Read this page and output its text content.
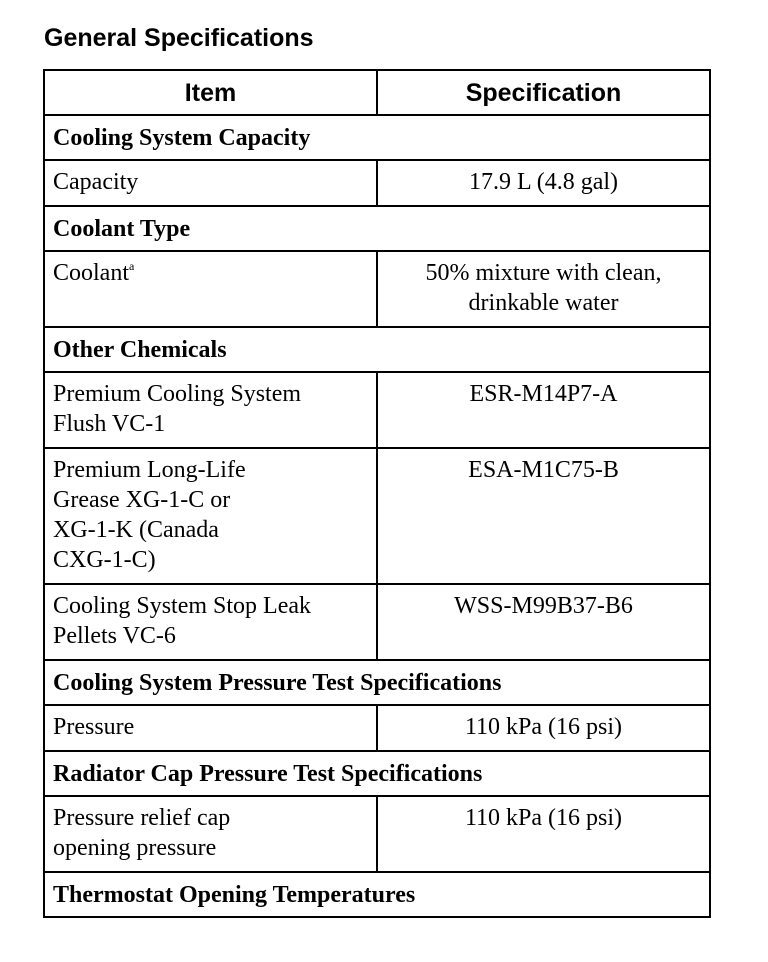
General Specifications
Item	Specification
Cooling System Capacity	
Capacity	17.9 L (4.8 gal)
Coolant Type	
Coolant$^a$	50% mixture with clean,
drinkable water

Other Chemicals	

Premium Cooling System
Flush VC-1	ESR-M14P7-A

Premium Long-Life
Grease XG-1-C or
XG-1-K (Canada
CXG-1-C)	ESA-M1C75-B

Cooling System Stop Leak
Pellets VC-6	WSS-M99B37-B6
Cooling System Pressure Test Specifications	
Pressure	110 kPa (16 psi)
Radiator Cap Pressure Test Specifications	

Pressure relief cap
opening pressure	110 kPa (16 psi)
Thermostat Opening Temperatures	
